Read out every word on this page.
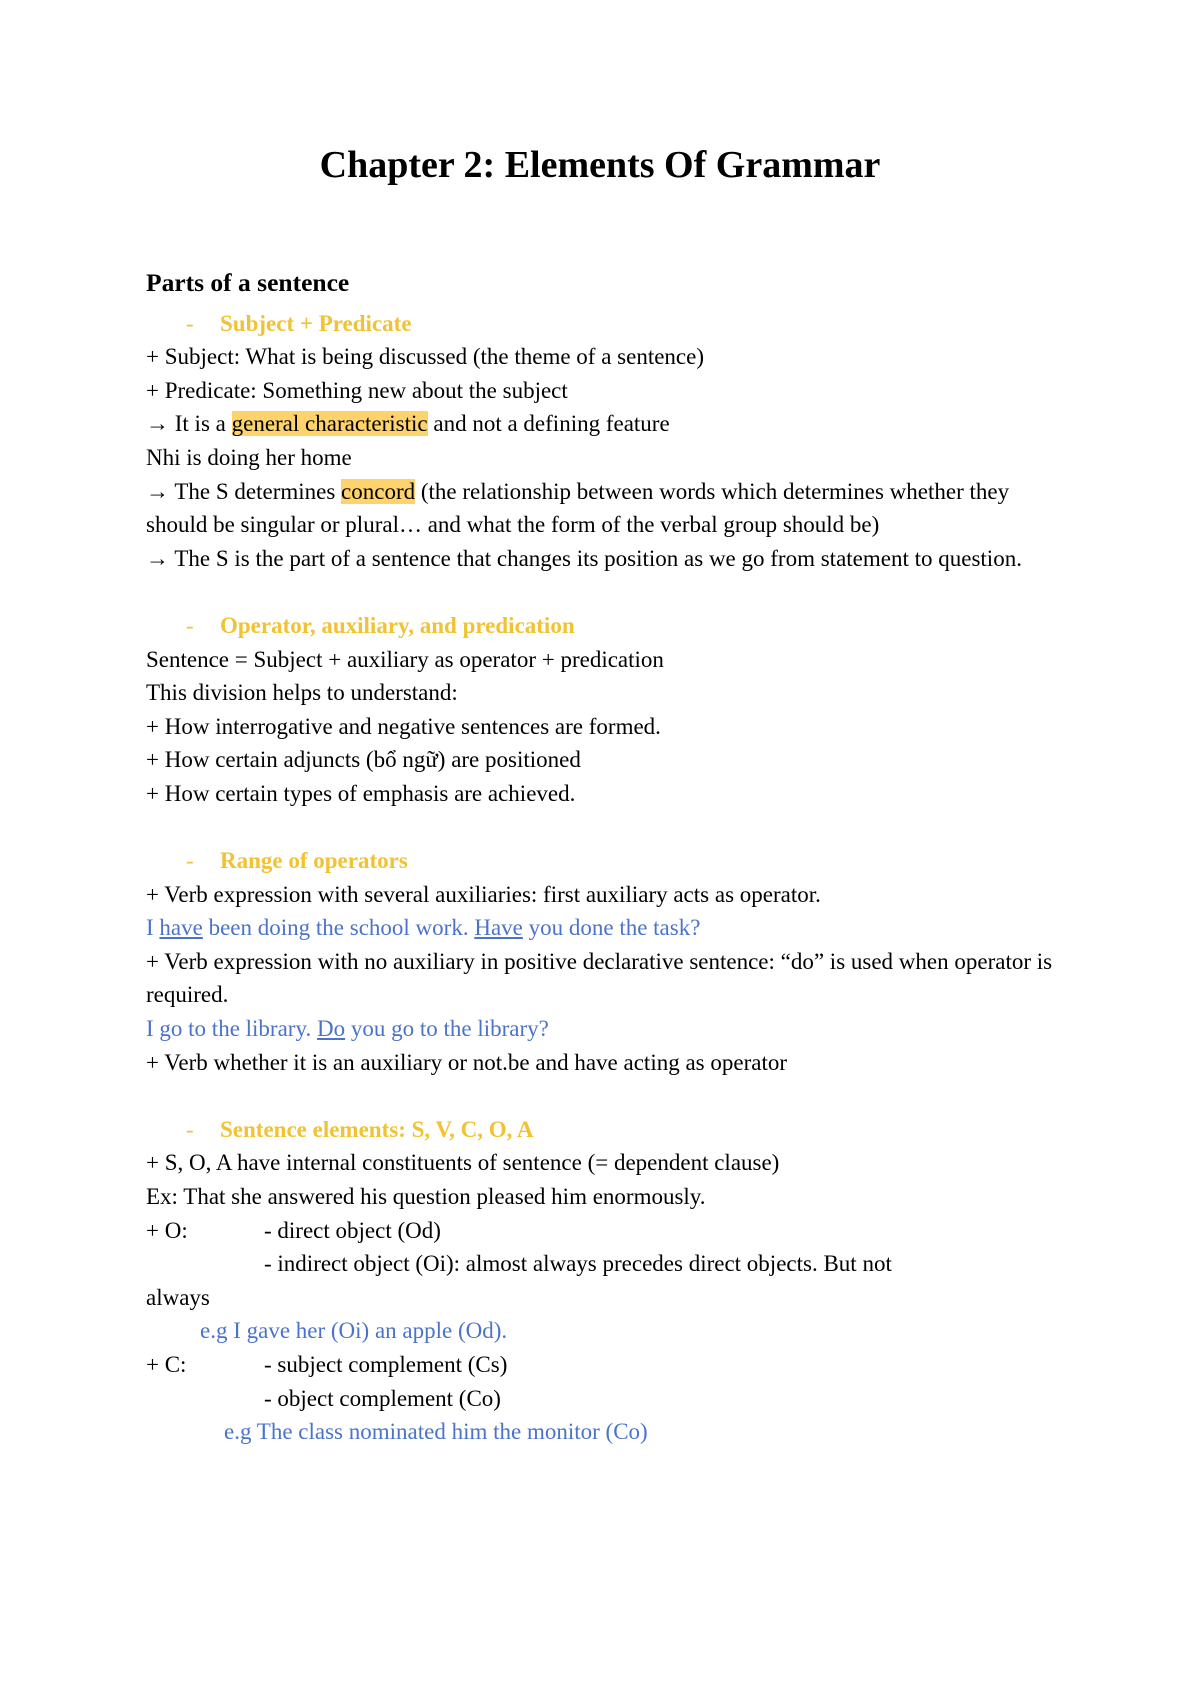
Chapter 2: Elements Of Grammar
Parts of a sentence
- Subject + Predicate
+ Subject: What is being discussed (the theme of a sentence)
+ Predicate: Something new about the subject
→ It is a general characteristic and not a defining feature
Nhi is doing her home
→ The S determines concord (the relationship between words which determines whether they should be singular or plural… and what the form of the verbal group should be)
→ The S is the part of a sentence that changes its position as we go from statement to question.
- Operator, auxiliary, and predication
Sentence = Subject + auxiliary as operator + predication
This division helps to understand:
+ How interrogative and negative sentences are formed.
+ How certain adjuncts (bổ ngữ) are positioned
+ How certain types of emphasis are achieved.
- Range of operators
+ Verb expression with several auxiliaries: first auxiliary acts as operator.
I have been doing the school work. Have you done the task?
+ Verb expression with no auxiliary in positive declarative sentence: “do” is used when operator is required.
I go to the library. Do you go to the library?
+ Verb whether it is an auxiliary or not.be and have acting as operator
- Sentence elements: S, V, C, O, A
+ S, O, A have internal constituents of sentence (= dependent clause)
Ex: That she answered his question pleased him enormously.
+ O:	- direct object (Od)
- indirect object (Oi): almost always precedes direct objects. But not
always
e.g I gave her (Oi) an apple (Od).
+ C:	- subject complement (Cs)
- object complement (Co)
e.g The class nominated him the monitor (Co)
